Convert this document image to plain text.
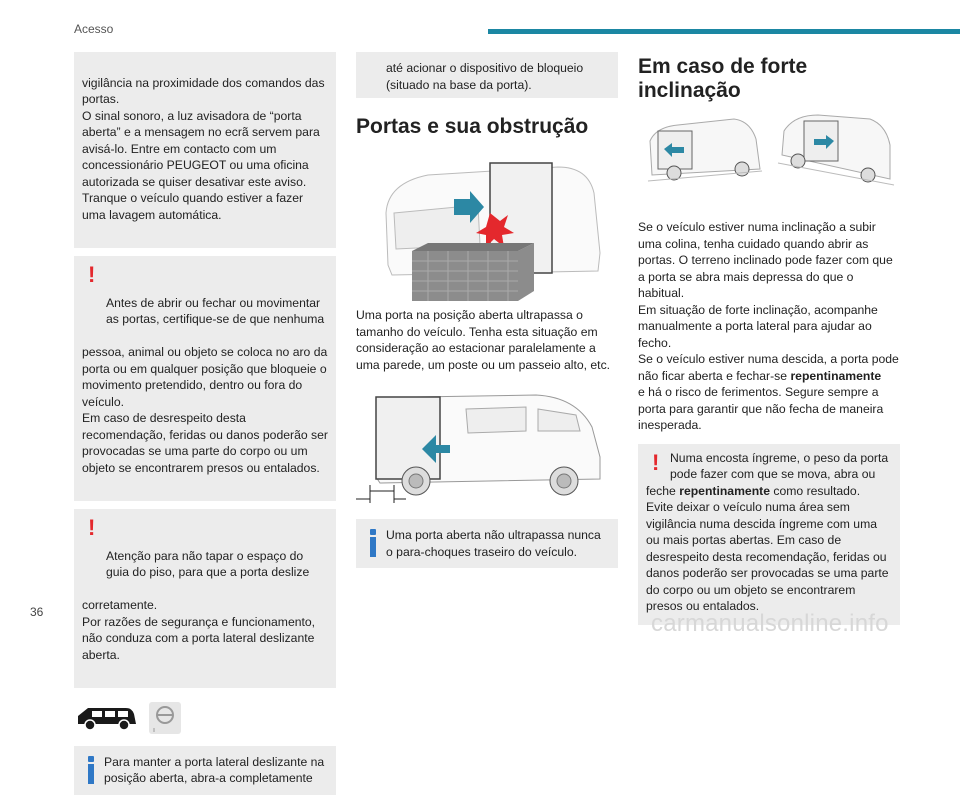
Acesso

vigilância na proximidade dos comandos das portas.
O sinal sonoro, a luz avisadora de “porta aberta” e a mensagem no ecrã servem para avisá-lo. Entre em contacto com um concessionário PEUGEOT ou uma oficina autorizada se quiser desativar este aviso.
Tranque o veículo quando estiver a fazer uma lavagem automática.

!

Antes de abrir ou fechar ou movimentar as portas, certifique-se de que nenhuma

pessoa, animal ou objeto se coloca no aro da porta ou em qualquer posição que bloqueie o movimento pretendido, dentro ou fora do veículo.
Em caso de desrespeito desta recomendação, feridas ou danos poderão ser provocadas se uma parte do corpo ou um objeto se encontrarem presos ou entalados.

!

Atenção para não tapar o espaço do guia do piso, para que a porta deslize

corretamente.
Por razões de segurança e funcionamento, não conduza com a porta lateral deslizante aberta.

Para manter a porta lateral deslizante na posição aberta, abra-a completamente

até acionar o dispositivo de bloqueio (situado na base da porta).

Portas e sua obstrução

Uma porta na posição aberta ultrapassa o tamanho do veículo. Tenha esta situação em consideração ao estacionar paralelamente a uma parede, um poste ou um passeio alto, etc.

Uma porta aberta não ultrapassa nunca o para-choques traseiro do veículo.

Em caso de forte inclinação

Se o veículo estiver numa inclinação a subir uma colina, tenha cuidado quando abrir as portas. O terreno inclinado pode fazer com que a porta se abra mais depressa do que o habitual.
Em situação de forte inclinação, acompanhe manualmente a porta lateral para ajudar ao fecho.
Se o veículo estiver numa descida, a porta pode não ficar aberta e fechar-se repentinamente
e há o risco de ferimentos. Segure sempre a porta para garantir que não fecha de maneira inesperada.

! Numa encosta íngreme, o peso da porta pode fazer com que se mova, abra ou

feche repentinamente como resultado.

Evite deixar o veículo numa área sem vigilância numa descida íngreme com uma ou mais portas abertas. Em caso de desrespeito desta recomendação, feridas ou danos poderão ser provocadas se uma parte do corpo ou um objeto se encontrarem presos ou entalados.

36	carmanualsonline.info
